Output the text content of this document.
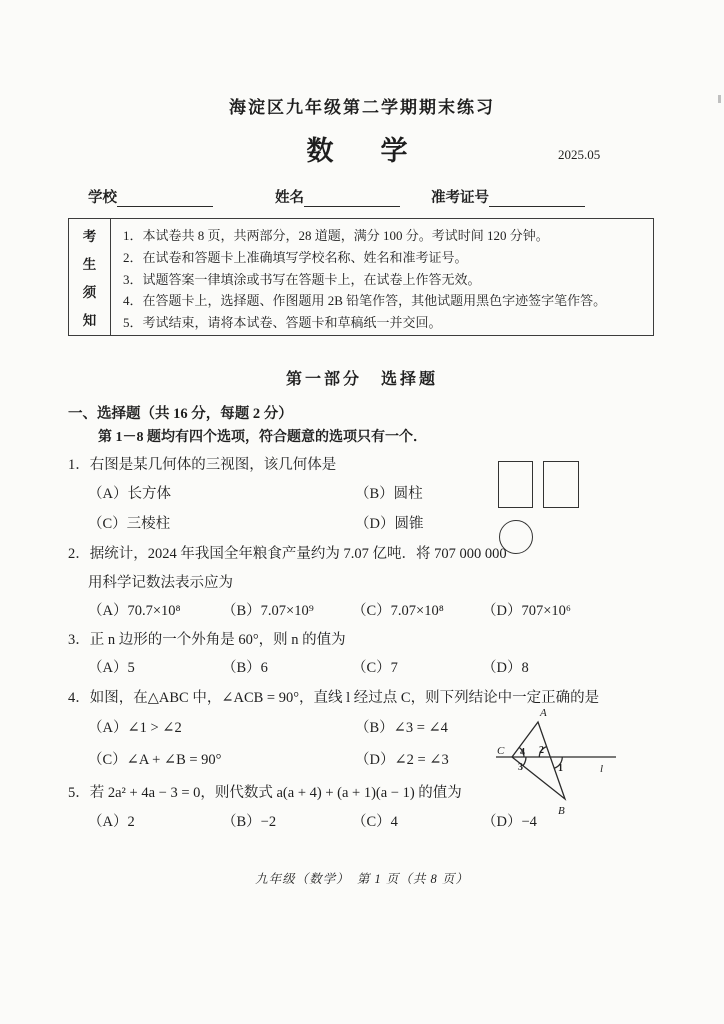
海淀区九年级第二学期期末练习
数　学	2025.05
学校	姓名	准考证号
考
生
须
知
1．本试卷共 8 页，共两部分，28 道题，满分 100 分。考试时间 120 分钟。
2．在试卷和答题卡上准确填写学校名称、姓名和准考证号。
3．试题答案一律填涂或书写在答题卡上，在试卷上作答无效。
4．在答题卡上，选择题、作图题用 2B 铅笔作答，其他试题用黑色字迹签字笔作答。
5．考试结束，请将本试卷、答题卡和草稿纸一并交回。
第一部分　选择题
一、选择题（共 16 分，每题 2 分）
第 1－8 题均有四个选项，符合题意的选项只有一个．
1．右图是某几何体的三视图，该几何体是
（A）长方体	（B）圆柱
（C）三棱柱	（D）圆锥
2．据统计，2024 年我国全年粮食产量约为 7.07 亿吨．将 707 000 000
用科学记数法表示应为
（A）70.7×10⁸	（B）7.07×10⁹	（C）7.07×10⁸	（D）707×10⁶
3．正 n 边形的一个外角是 60°，则 n 的值为
（A）5	（B）6	（C）7	（D）8
4．如图，在△ABC 中，∠ACB = 90°，直线 l 经过点 C，则下列结论中一定正确的是
（A）∠1 > ∠2	（B）∠3 = ∠4
（C）∠A + ∠B = 90°	（D）∠2 = ∠3
A
C
B
l
4 2
3	1
5．若 2a² + 4a − 3 = 0，则代数式 a(a + 4) + (a + 1)(a − 1) 的值为
（A）2	（B）−2	（C）4	（D）−4
九年级（数学）　第 1 页（共 8 页）
